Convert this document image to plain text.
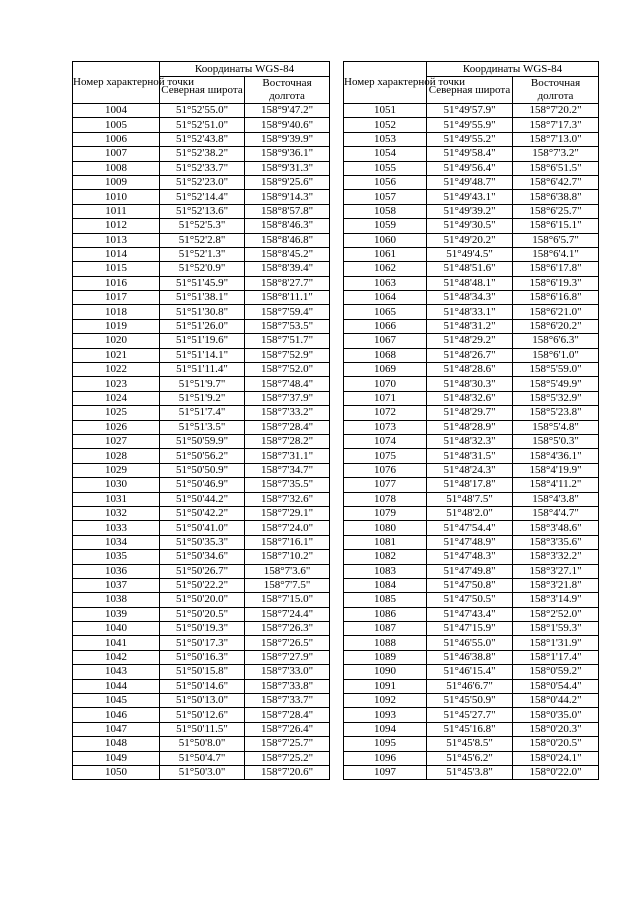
Номер характерной точки	Координаты WGS-84	
	Северная широта	Восточная долгота
1004	51°52'55.0"	158°9'47.2"
1005	51°52'51.0"	158°9'40.6"
1006	51°52'43.8"	158°9'39.9"
1007	51°52'38.2"	158°9'36.1"
1008	51°52'33.7"	158°9'31.3"
1009	51°52'23.0"	158°9'25.6"
1010	51°52'14.4"	158°9'14.3"
1011	51°52'13.6"	158°8'57.8"
1012	51°52'5.3"	158°8'46.3"
1013	51°52'2.8"	158°8'46.8"
1014	51°52'1.3"	158°8'45.2"
1015	51°52'0.9"	158°8'39.4"
1016	51°51'45.9"	158°8'27.7"
1017	51°51'38.1"	158°8'11.1"
1018	51°51'30.8"	158°7'59.4"
1019	51°51'26.0"	158°7'53.5"
1020	51°51'19.6"	158°7'51.7"
1021	51°51'14.1"	158°7'52.9"
1022	51°51'11.4"	158°7'52.0"
1023	51°51'9.7"	158°7'48.4"
1024	51°51'9.2"	158°7'37.9"
1025	51°51'7.4"	158°7'33.2"
1026	51°51'3.5"	158°7'28.4"
1027	51°50'59.9"	158°7'28.2"
1028	51°50'56.2"	158°7'31.1"
1029	51°50'50.9"	158°7'34.7"
1030	51°50'46.9"	158°7'35.5"
1031	51°50'44.2"	158°7'32.6"
1032	51°50'42.2"	158°7'29.1"
1033	51°50'41.0"	158°7'24.0"
1034	51°50'35.3"	158°7'16.1"
1035	51°50'34.6"	158°7'10.2"
1036	51°50'26.7"	158°7'3.6"
1037	51°50'22.2"	158°7'7.5"
1038	51°50'20.0"	158°7'15.0"
1039	51°50'20.5"	158°7'24.4"
1040	51°50'19.3"	158°7'26.3"
1041	51°50'17.3"	158°7'26.5"
1042	51°50'16.3"	158°7'27.9"
1043	51°50'15.8"	158°7'33.0"
1044	51°50'14.6"	158°7'33.8"
1045	51°50'13.0"	158°7'33.7"
1046	51°50'12.6"	158°7'28.4"
1047	51°50'11.5"	158°7'26.4"
1048	51°50'8.0"	158°7'25.7"
1049	51°50'4.7"	158°7'25.2"
1050	51°50'3.0"	158°7'20.6"
Номер характерной точки	Координаты WGS-84	
	Северная широта	Восточная долгота
1051	51°49'57.9"	158°7'20.2"
1052	51°49'55.9"	158°7'17.3"
1053	51°49'55.2"	158°7'13.0"
1054	51°49'58.4"	158°7'3.2"
1055	51°49'56.4"	158°6'51.5"
1056	51°49'48.7"	158°6'42.7"
1057	51°49'43.1"	158°6'38.8"
1058	51°49'39.2"	158°6'25.7"
1059	51°49'30.5"	158°6'15.1"
1060	51°49'20.2"	158°6'5.7"
1061	51°49'4.5"	158°6'4.1"
1062	51°48'51.6"	158°6'17.8"
1063	51°48'48.1"	158°6'19.3"
1064	51°48'34.3"	158°6'16.8"
1065	51°48'33.1"	158°6'21.0"
1066	51°48'31.2"	158°6'20.2"
1067	51°48'29.2"	158°6'6.3"
1068	51°48'26.7"	158°6'1.0"
1069	51°48'28.6"	158°5'59.0"
1070	51°48'30.3"	158°5'49.9"
1071	51°48'32.6"	158°5'32.9"
1072	51°48'29.7"	158°5'23.8"
1073	51°48'28.9"	158°5'4.8"
1074	51°48'32.3"	158°5'0.3"
1075	51°48'31.5"	158°4'36.1"
1076	51°48'24.3"	158°4'19.9"
1077	51°48'17.8"	158°4'11.2"
1078	51°48'7.5"	158°4'3.8"
1079	51°48'2.0"	158°4'4.7"
1080	51°47'54.4"	158°3'48.6"
1081	51°47'48.9"	158°3'35.6"
1082	51°47'48.3"	158°3'32.2"
1083	51°47'49.8"	158°3'27.1"
1084	51°47'50.8"	158°3'21.8"
1085	51°47'50.5"	158°3'14.9"
1086	51°47'43.4"	158°2'52.0"
1087	51°47'15.9"	158°1'59.3"
1088	51°46'55.0"	158°1'31.9"
1089	51°46'38.8"	158°1'17.4"
1090	51°46'15.4"	158°0'59.2"
1091	51°46'6.7"	158°0'54.4"
1092	51°45'50.9"	158°0'44.2"
1093	51°45'27.7"	158°0'35.0"
1094	51°45'16.8"	158°0'20.3"
1095	51°45'8.5"	158°0'20.5"
1096	51°45'6.2"	158°0'24.1"
1097	51°45'3.8"	158°0'22.0"
